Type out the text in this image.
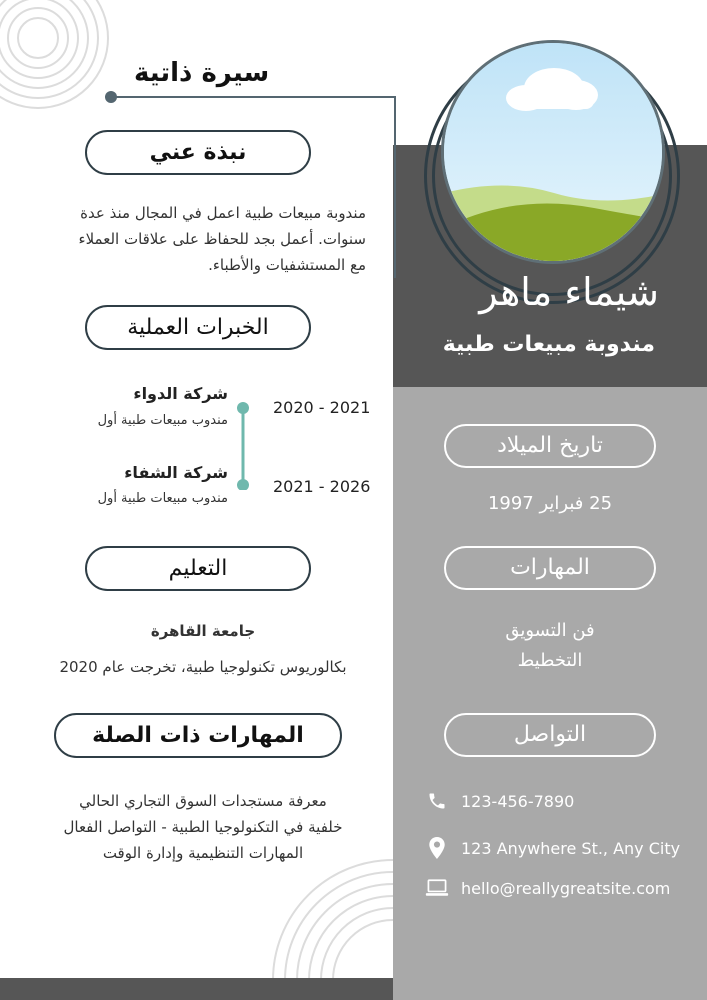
شيماء ماهر
مندوبة مبيعات طبية
تاريخ الميلاد
25 فبراير 1997
المهارات
فن التسويق
التخطيط
التواصل
123-456-7890
123 Anywhere St., Any City
hello@reallygreatsite.com
سيرة ذاتية
نبذة عني
مندوبة مبيعات طبية اعمل في المجال منذ عدة
سنوات. أعمل بجد للحفاظ على علاقات العملاء
مع المستشفيات والأطباء.
الخبرات العملية
شركة الدواء
مندوب مبيعات طبية أول
2020 - 2021
شركة الشفاء
مندوب مبيعات طبية أول
2021 - 2026
التعليم
جامعة القاهرة
بكالوريوس تكنولوجيا طبية، تخرجت عام 2020
المهارات ذات الصلة
معرفة مستجدات السوق التجاري الحالي
خلفية في التكنولوجيا الطبية - التواصل الفعال
المهارات التنظيمية وإدارة الوقت
